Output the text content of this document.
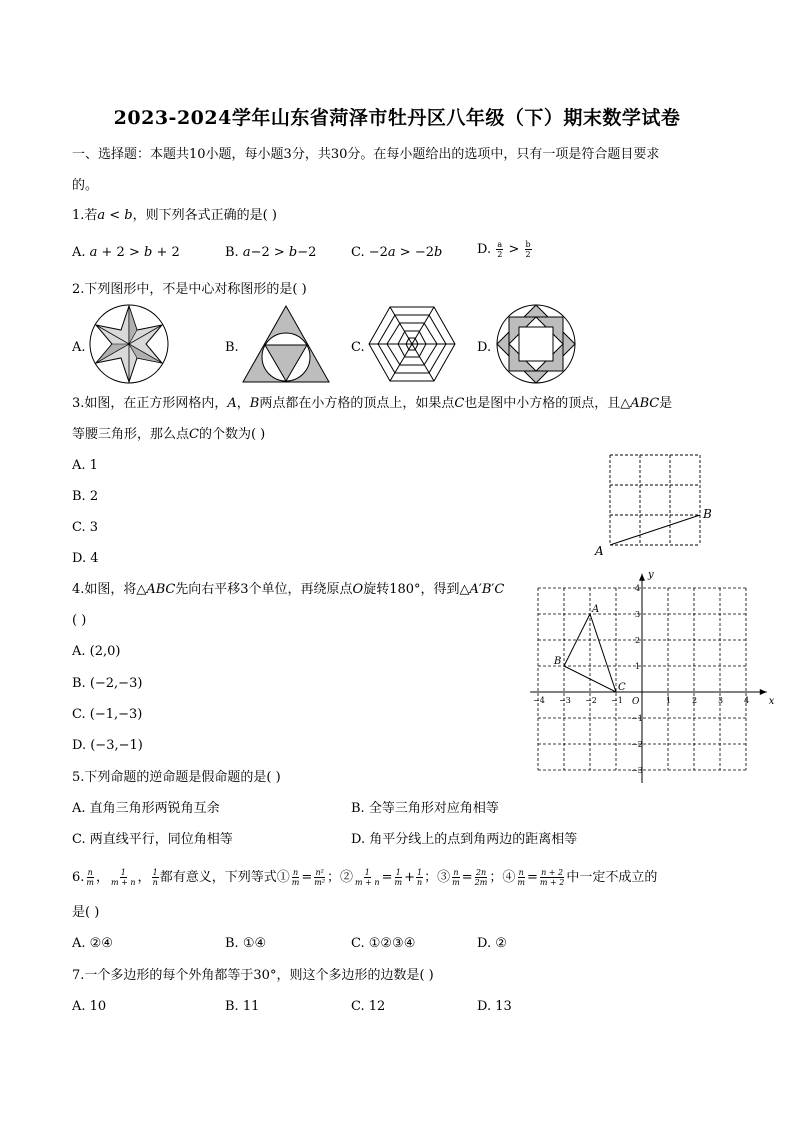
2023-2024学年山东省菏泽市牡丹区八年级（下）期末数学试卷
一、选择题：本题共10小题，每小题3分，共30分。在每小题给出的选项中，只有一项是符合题目要求
的。
1.若𝑎 < 𝑏，则下列各式正确的是( )
A. 𝑎 + 2 > 𝑏 + 2	B. 𝑎−2 > 𝑏−2	C. −2𝑎 > −2𝑏	D. $\frac{a}{2} > \frac{b}{2}$
2.下列图形中，不是中心对称图形的是( )
A.	B.	C.	D.
3.如图，在正方形网格内，𝐴，𝐵两点都在小方格的顶点上，如果点𝐶也是图中小方格的顶点，且△𝐴𝐵𝐶是
等腰三角形，那么点𝐶的个数为( )
A. 1
B. 2
C. 3
D. 4	A
B
4.如图，将△𝐴𝐵𝐶先向右平移3个单位，再绕原点𝑂旋转180°，得到△𝐴′𝐵′𝐶
( )
A. (2,0)
B. (−2,−3)
C. (−1,−3)
D. (−3,−1)
−4 −3 −2 −1	1	2	3	4
4
3
2
1
−1
−2
−3
A
B
C
O	x
y
5.下列命题的逆命题是假命题的是( )
A. 直角三角形两锐角互余	B. 全等三角形对应角相等
C. 两直线平行，同位角相等	D. 角平分线上的点到角两边的距离相等
6. $\frac{n}{m}$ ， $\frac{1}{m + n}$ ， $\frac{1}{n}$ 都有意义，下列等式① $\frac{n}{m} = \frac{\text{n²}}{\text{m²}}$ ；② $\frac{1}{m + n} = \frac{1}{m} + \frac{1}{n}$ ；③ $\frac{n}{m} = \frac{2n}{2m}$ ；④ $\frac{n}{m} = \frac{n + 2}{m + 2}$ 中一定不成立的
是( )
A. ②④	B. ①④	C. ①②③④	D. ②
7.一个多边形的每个外角都等于30°，则这个多边形的边数是( )
A. 10	B. 11	C. 12	D. 13
